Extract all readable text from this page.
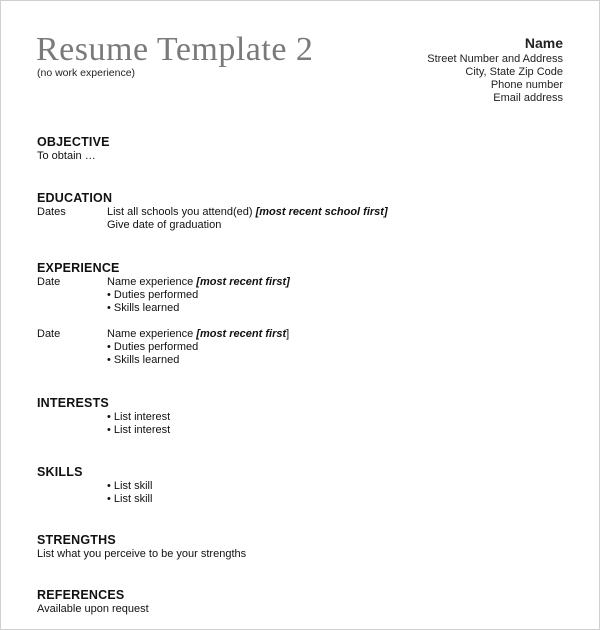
Resume Template 2
(no work experience)
Name
Street Number and Address
City, State Zip Code
Phone number
Email address
OBJECTIVE
To obtain …
EDUCATION
Dates	List all schools you attend(ed) [most recent school first]
Give date of graduation
EXPERIENCE
Date	Name experience [most recent first]
• Duties performed
• Skills learned
Date	Name experience [most recent first]
• Duties performed
• Skills learned
INTERESTS
• List interest
• List interest
SKILLS
• List skill
• List skill
STRENGTHS
List what you perceive to be your strengths
REFERENCES
Available upon request
